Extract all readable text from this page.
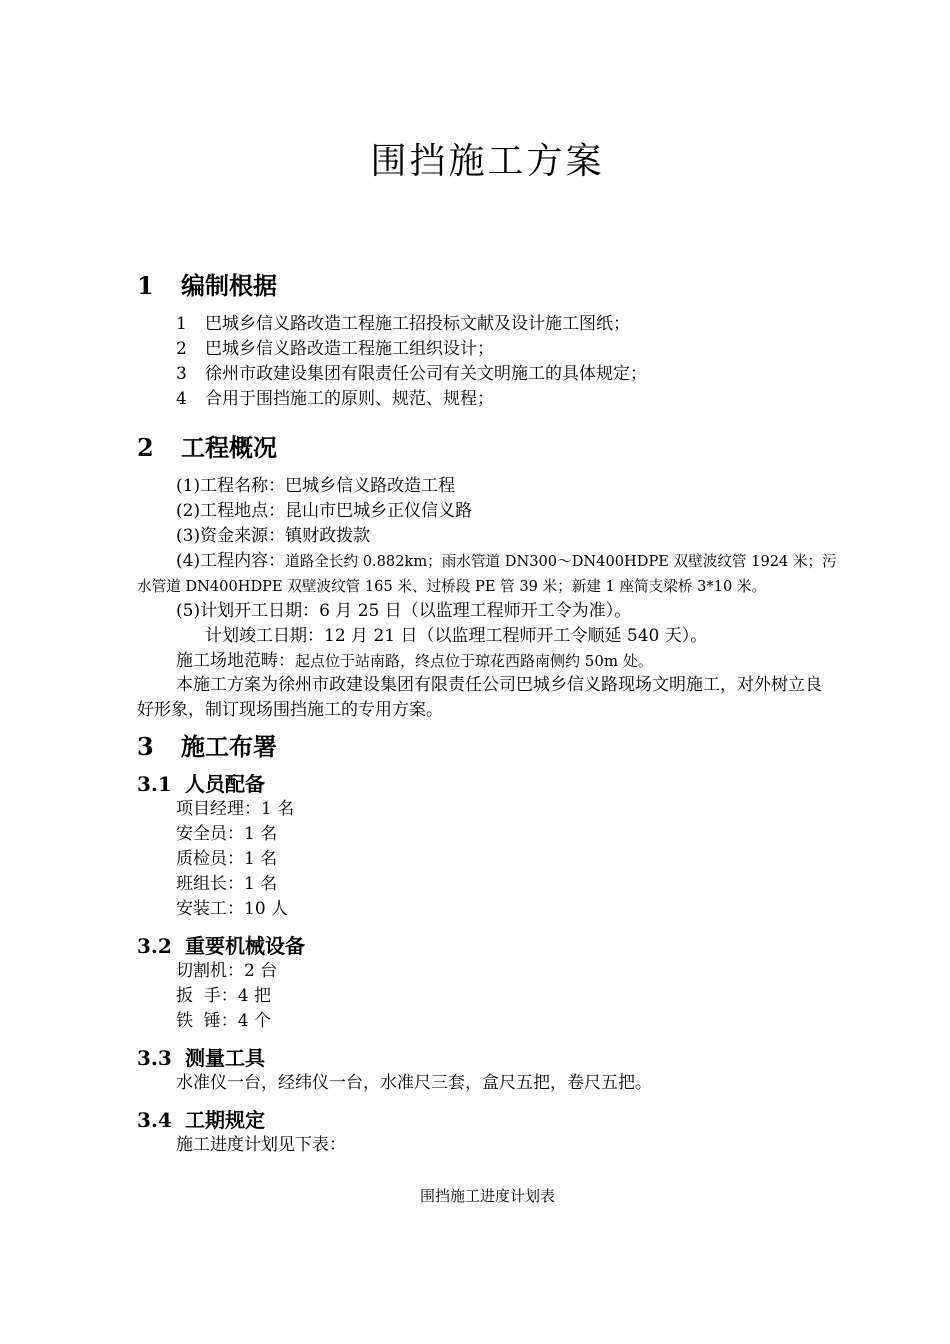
围挡施工方案
1 编制根据
1 巴城乡信义路改造工程施工招投标文献及设计施工图纸；
2 巴城乡信义路改造工程施工组织设计；
3 徐州市政建设集团有限责任公司有关文明施工的具体规定；
4 合用于围挡施工的原则、规范、规程；
2 工程概况
(1)工程名称：巴城乡信义路改造工程
(2)工程地点：昆山市巴城乡正仪信义路
(3)资金来源：镇财政拨款
(4)工程内容：道路全长约 0.882km；雨水管道 DN300～DN400HDPE 双壁波纹管 1924 米；污水管道 DN400HDPE 双壁波纹管 165 米、过桥段 PE 管 39 米；新建 1 座简支梁桥 3*10 米。
(5)计划开工日期：6 月 25 日（以监理工程师开工令为准）。
计划竣工日期：12 月 21 日（以监理工程师开工令顺延 540 天）。
施工场地范畴：起点位于站南路，终点位于琼花西路南侧约 50m 处。
本施工方案为徐州市政建设集团有限责任公司巴城乡信义路现场文明施工，对外树立良好形象，制订现场围挡施工的专用方案。
3 施工布署
3.1 人员配备
项目经理：1 名
安全员：1 名
质检员：1 名
班组长：1 名
安装工：10 人
3.2 重要机械设备
切割机：2 台
扳  手：4 把
铁  锤：4 个
3.3 测量工具
水准仪一台，经纬仪一台，水准尺三套，盒尺五把，卷尺五把。
3.4 工期规定
施工进度计划见下表：
围挡施工进度计划表
